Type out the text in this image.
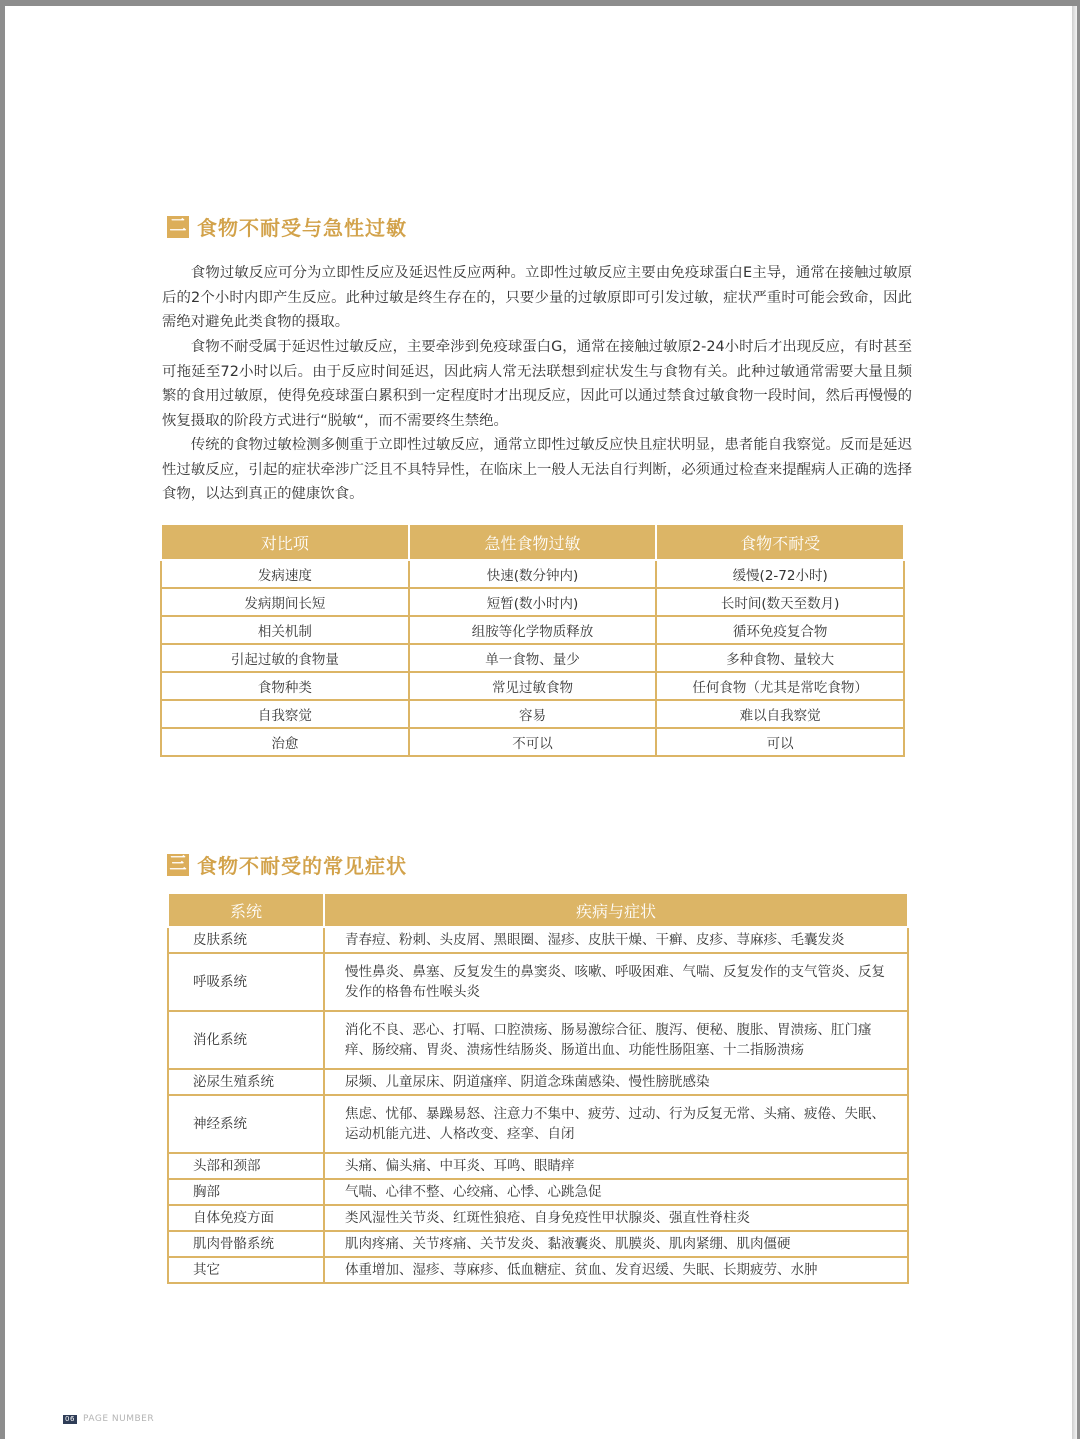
二 食物不耐受与急性过敏

食物过敏反应可分为立即性反应及延迟性反应两种。立即性过敏反应主要由免疫球蛋白E主导，通常在接触过敏原后的2个小时内即产生反应。此种过敏是终生存在的，只要少量的过敏原即可引发过敏，症状严重时可能会致命，因此需绝对避免此类食物的摄取。

食物不耐受属于延迟性过敏反应，主要牵涉到免疫球蛋白G，通常在接触过敏原2-24小时后才出现反应，有时甚至可拖延至72小时以后。由于反应时间延迟，因此病人常无法联想到症状发生与食物有关。此种过敏通常需要大量且频繁的食用过敏原，使得免疫球蛋白累积到一定程度时才出现反应，因此可以通过禁食过敏食物一段时间，然后再慢慢的恢复摄取的阶段方式进行“脱敏“，而不需要终生禁绝。

传统的食物过敏检测多侧重于立即性过敏反应，通常立即性过敏反应快且症状明显，患者能自我察觉。反而是延迟性过敏反应，引起的症状牵涉广泛且不具特异性，在临床上一般人无法自行判断，必须通过检查来提醒病人正确的选择食物，以达到真正的健康饮食。

对比项	急性食物过敏	食物不耐受
发病速度	快速(数分钟内)	缓慢(2-72小时)
发病期间长短	短暂(数小时内)	长时间(数天至数月)
相关机制	组胺等化学物质释放	循环免疫复合物
引起过敏的食物量	单一食物、量少	多种食物、量较大
食物种类	常见过敏食物	任何食物（尤其是常吃食物）
自我察觉	容易	难以自我察觉
治愈	不可以	可以
三 食物不耐受的常见症状
系统	疾病与症状
皮肤系统	青春痘、粉刺、头皮屑、黑眼圈、湿疹、皮肤干燥、干癣、皮疹、荨麻疹、毛囊发炎
呼吸系统	慢性鼻炎、鼻塞、反复发生的鼻窦炎、咳嗽、呼吸困难、气喘、反复发作的支气管炎、反复发作的格鲁布性喉头炎
消化系统	消化不良、恶心、打嗝、口腔溃疡、肠易激综合征、腹泻、便秘、腹胀、胃溃疡、肛门瘙痒、肠绞痛、胃炎、溃疡性结肠炎、肠道出血、功能性肠阻塞、十二指肠溃疡
泌尿生殖系统	尿频、儿童尿床、阴道瘙痒、阴道念珠菌感染、慢性膀胱感染
神经系统	焦虑、忧郁、暴躁易怒、注意力不集中、疲劳、过动、行为反复无常、头痛、疲倦、失眠、运动机能亢进、人格改变、痉挛、自闭
头部和颈部	头痛、偏头痛、中耳炎、耳鸣、眼睛痒
胸部	气喘、心律不整、心绞痛、心悸、心跳急促
自体免疫方面	类风湿性关节炎、红斑性狼疮、自身免疫性甲状腺炎、强直性脊柱炎
肌肉骨骼系统	肌肉疼痛、关节疼痛、关节发炎、黏液囊炎、肌膜炎、肌肉紧绷、肌肉僵硬
其它	体重增加、湿疹、荨麻疹、低血糖症、贫血、发育迟缓、失眠、长期疲劳、水肿
06 PAGE NUMBER
